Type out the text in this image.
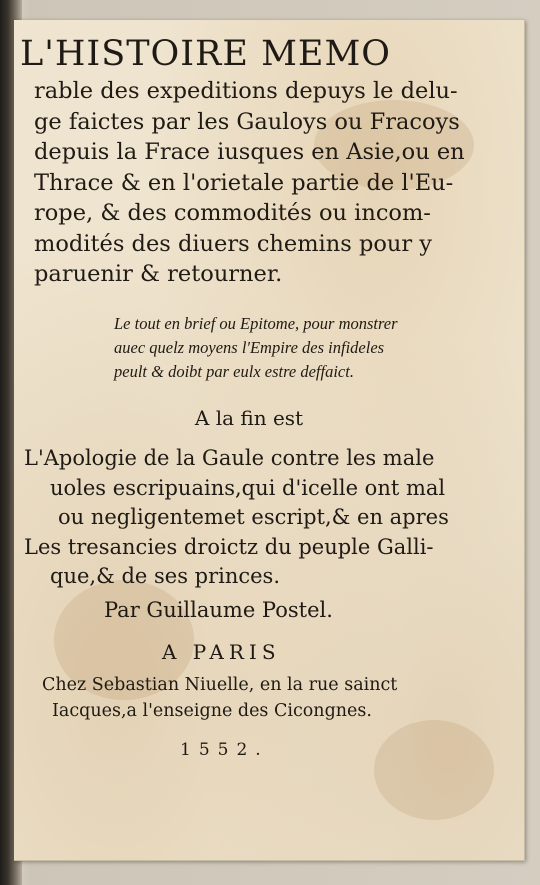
L'HISTOIRE MEMO
rable des expeditions depuys le delu-
ge faictes par les Gauloys ou Fracoys
depuis la Frace iusques en Asie,ou en
Thrace & en l'orietale partie de l'Eu-
rope, & des commodités ou incom-
modités des diuers chemins pour y
paruenir & retourner.
Le tout en brief ou Epitome, pour monstrer
auec quelz moyens l'Empire des infideles
peult & doibt par eulx estre deffaict.
A la fin est
L'Apologie de la Gaule contre les male
uoles escripuains,qui d'icelle ont mal
ou negligentemet escript,& en apres
Les tresancies droictz du peuple Galli-
que,& de ses princes.
Par Guillaume Postel.
A PARIS
Chez Sebastian Niuelle, en la rue sainct
Iacques,a l'enseigne des Cicongnes.
1552.
